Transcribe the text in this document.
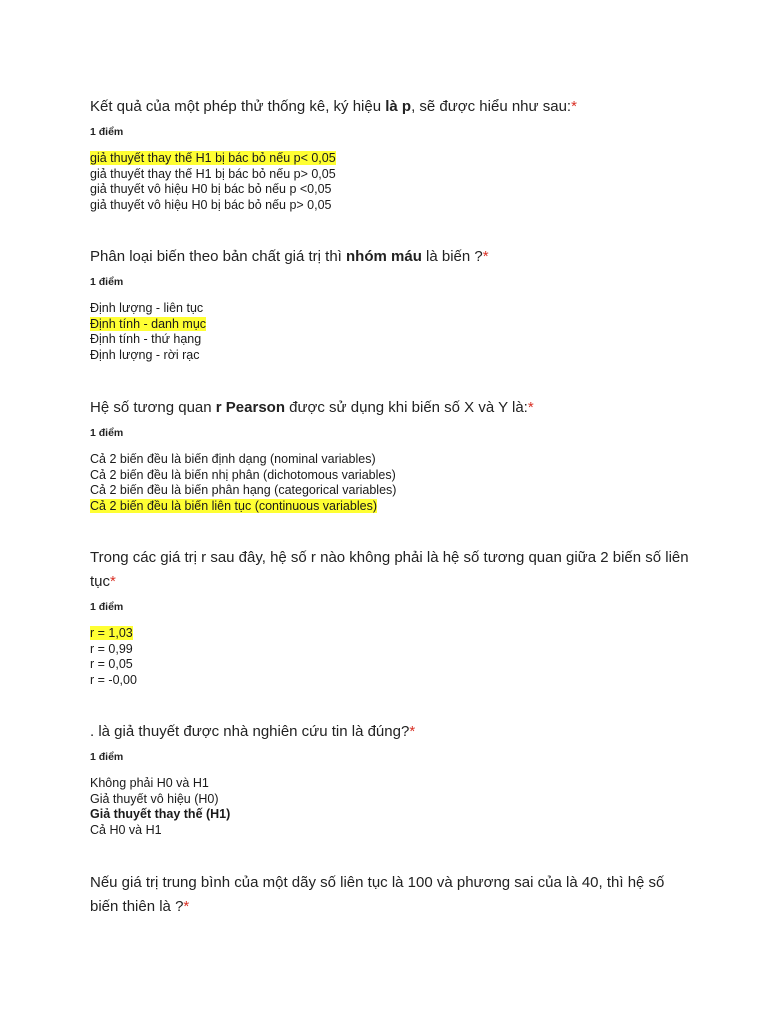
Kết quả của một phép thử thống kê, ký hiệu là p, sẽ được hiểu như sau:*
1 điểm
giả thuyết thay thế H1 bị bác bỏ nếu p< 0,05
giả thuyết thay thế H1 bị bác bỏ nếu p> 0,05
giả thuyết vô hiệu H0 bị bác bỏ nếu p <0,05
giả thuyết vô hiệu H0 bị bác bỏ nếu p> 0,05
Phân loại biến theo bản chất giá trị thì nhóm máu là biến ?*
1 điểm
Định lượng - liên tục
Định tính - danh mục
Định tính - thứ hạng
Định lượng - rời rạc
Hệ số tương quan r Pearson được sử dụng khi biến số X và Y là:*
1 điểm
Cả 2 biến đều là biến định dạng (nominal variables)
Cả 2 biến đều là biến nhị phân (dichotomous variables)
Cả 2 biến đều là biến phân hạng (categorical variables)
Cả 2 biến đều là biến liên tục (continuous variables)
Trong các giá trị r sau đây, hệ số r nào không phải là hệ số tương quan giữa 2 biến số liên tục*
1 điểm
r = 1,03
r = 0,99
r = 0,05
r = -0,00
. là giả thuyết được nhà nghiên cứu tin là đúng?*
1 điểm
Không phải H0 và H1
Giả thuyết vô hiệu (H0)
Giả thuyết thay thế (H1)
Cả H0 và H1
Nếu giá trị trung bình của một dãy số liên tục là 100 và phương sai của là 40, thì hệ số biến thiên là ?*
